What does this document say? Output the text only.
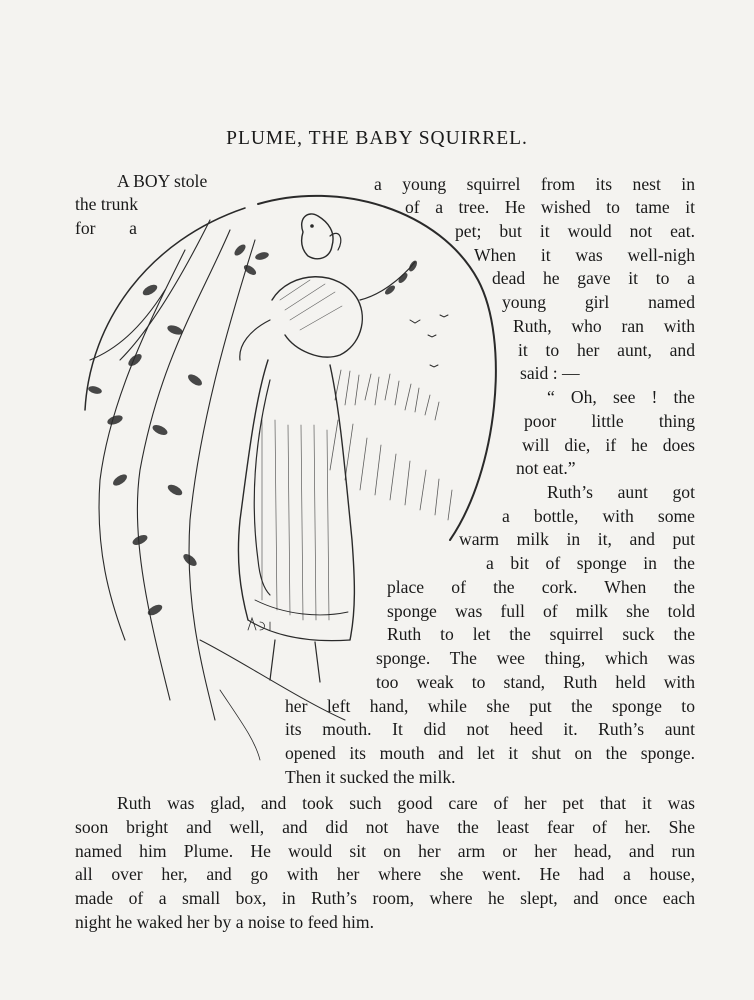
PLUME, THE BABY SQUIRREL.
A BOY stole	a young squirrel from its nest in
the trunk	of a tree. He wished to tame it
for a	pet; but it would not eat.
When it was well-nigh
dead he gave it to a
young girl named
Ruth, who ran with
it to her aunt, and
said : —
“ Oh, see ! the
poor little thing
will die, if he does
not eat.”
Ruth’s aunt got
a bottle, with some
warm milk in it, and put
a bit of sponge in the
place of the cork. When the
sponge was full of milk she told
Ruth to let the squirrel suck the
sponge. The wee thing, which was
too weak to stand, Ruth held with
her left hand, while she put the sponge to
its mouth. It did not heed it. Ruth’s aunt
opened its mouth and let it shut on the sponge.
Then it sucked the milk.
Ruth was glad, and took such good care of her pet that it was
soon bright and well, and did not have the least fear of her. She
named him Plume. He would sit on her arm or her head, and run
all over her, and go with her where she went. He had a house,
made of a small box, in Ruth’s room, where he slept, and once each
night he waked her by a noise to feed him.
